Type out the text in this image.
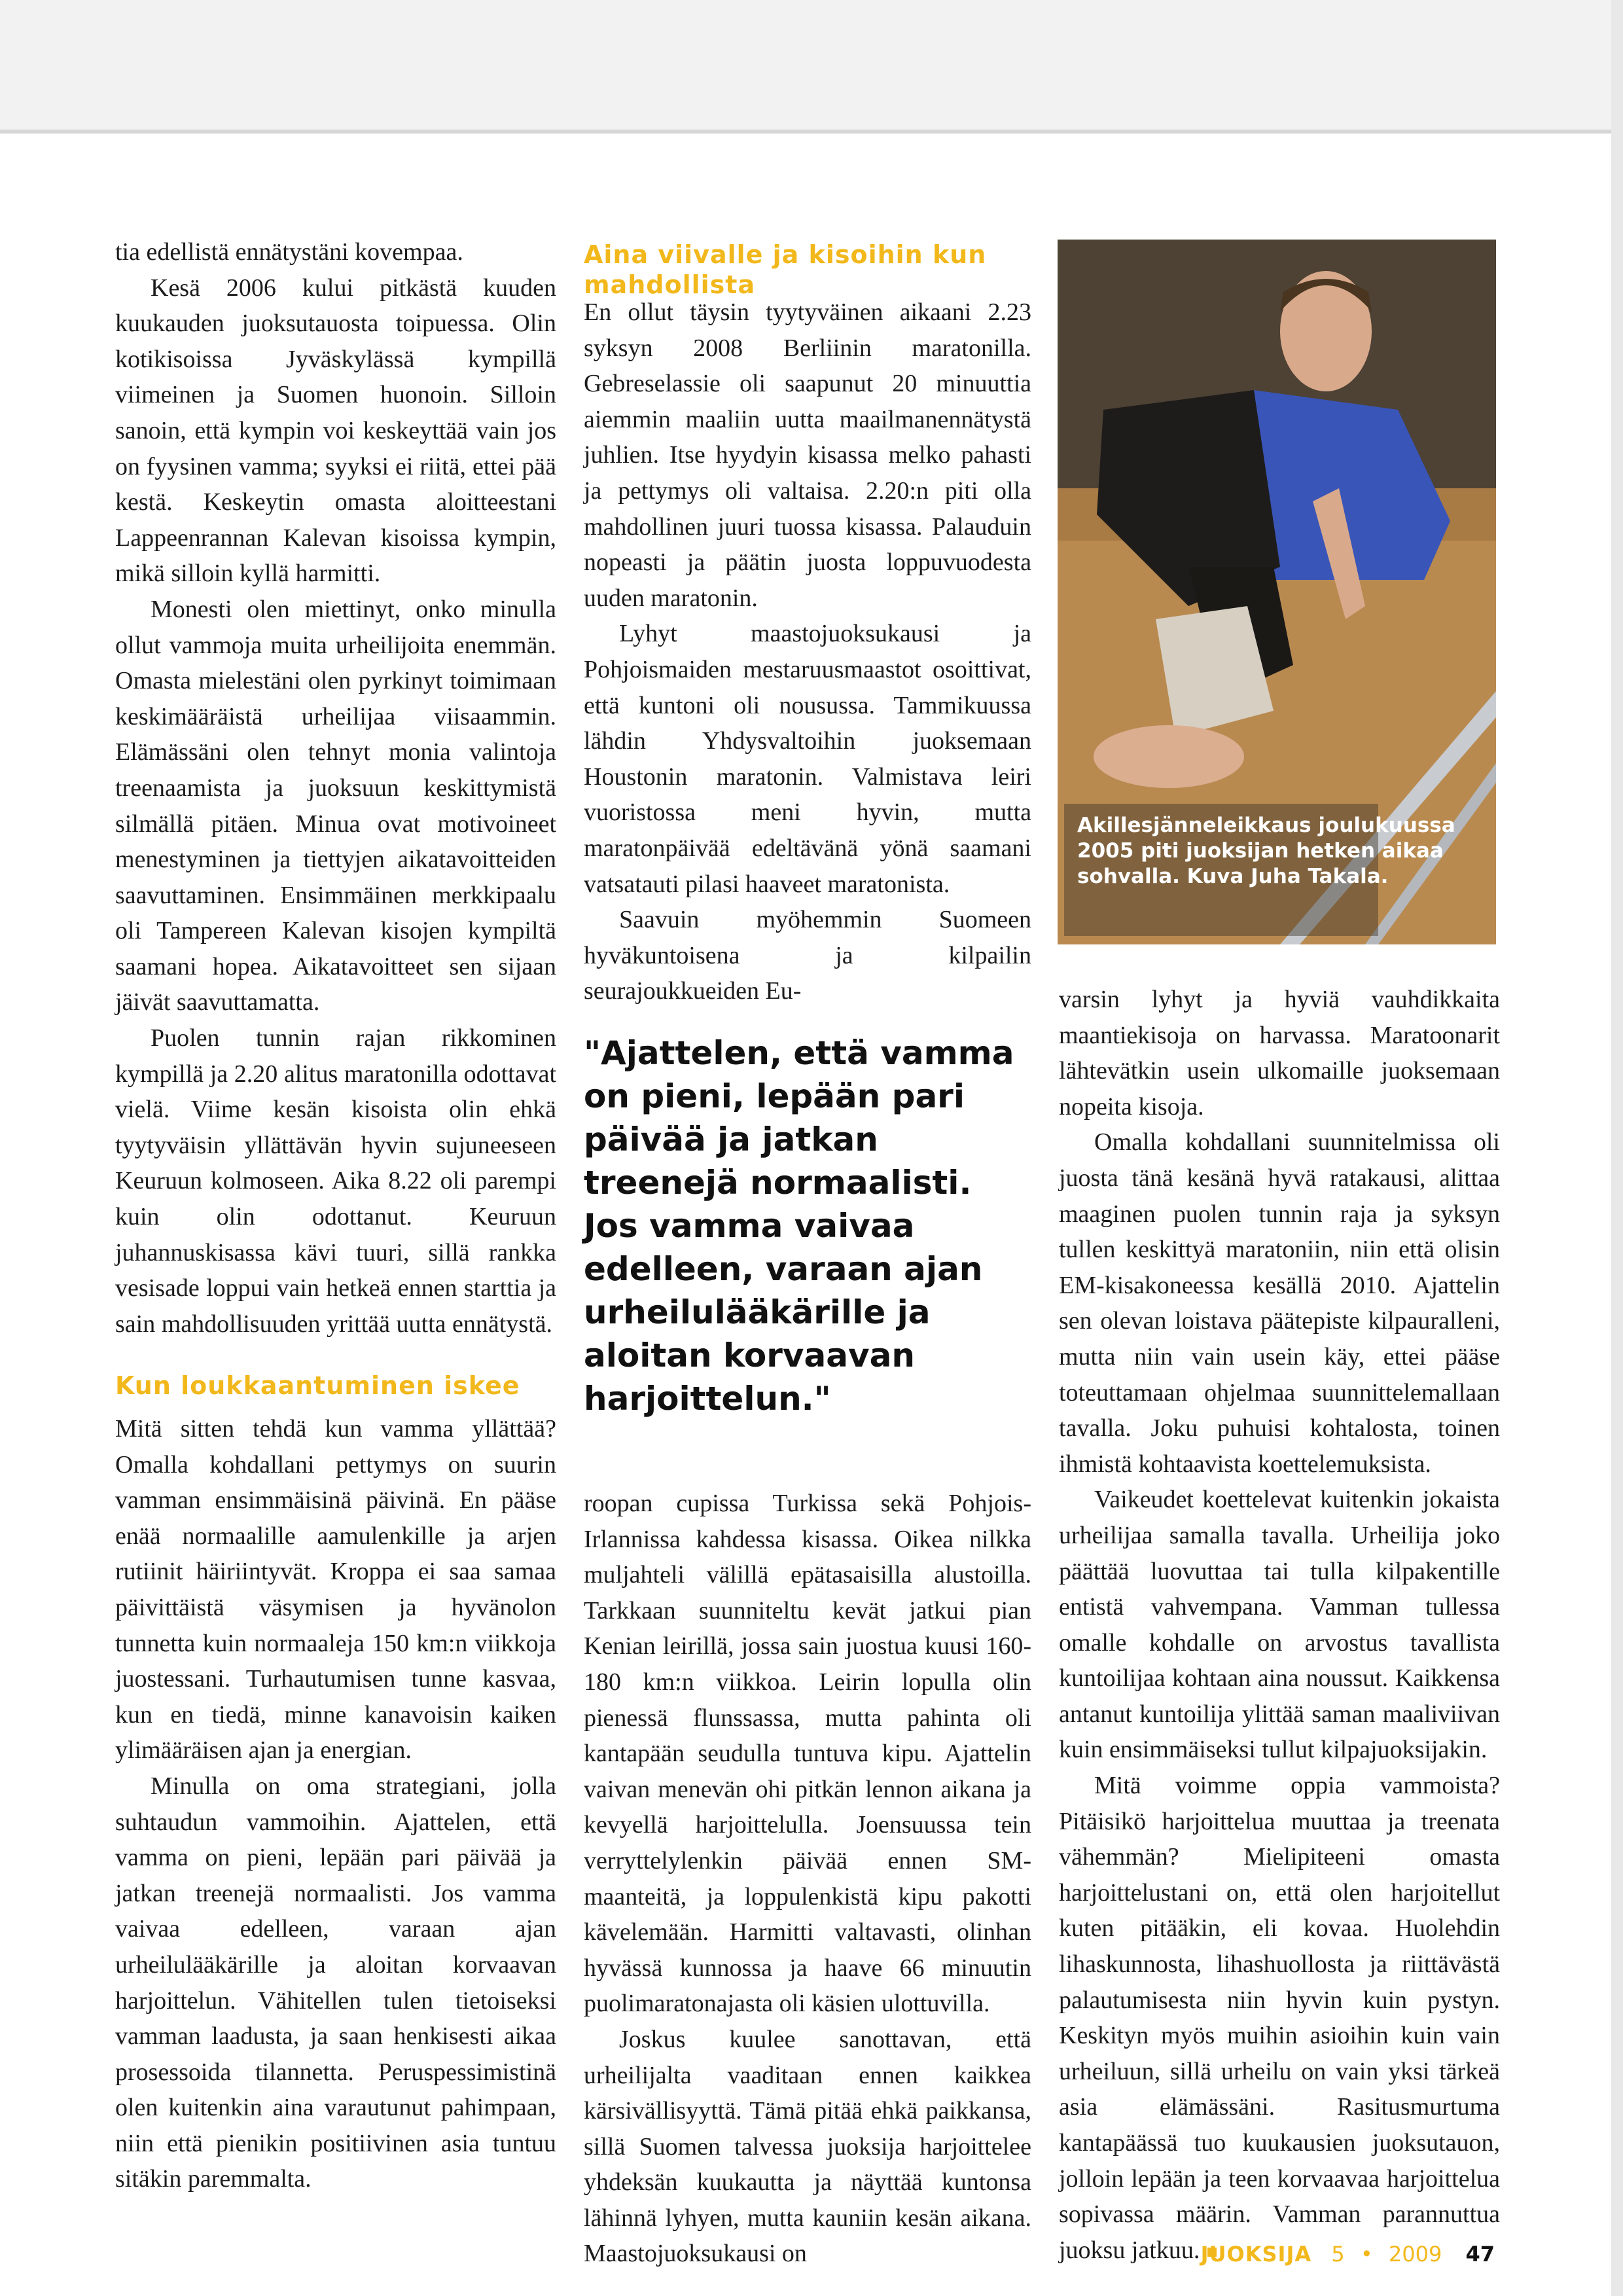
tia edellistä ennätystäni kovempaa.

Kesä 2006 kului pitkästä kuuden kuukauden juoksutauosta toipuessa. Olin kotikisoissa Jyväskylässä kympillä viimeinen ja Suomen huonoin. Silloin sanoin, että kympin voi keskeyttää vain jos on fyysinen vamma; syyksi ei riitä, ettei pää kestä. Keskeytin omasta aloitteestani Lappeenrannan Kalevan kisoissa kympin, mikä silloin kyllä harmitti.

Monesti olen miettinyt, onko minulla ollut vammoja muita urheilijoita enemmän. Omasta mielestäni olen pyrkinyt toimimaan keskimääräistä urheilijaa viisaammin. Elämässäni olen tehnyt monia valintoja treenaamista ja juoksuun keskittymistä silmällä pitäen. Minua ovat motivoineet menestyminen ja tiettyjen aikatavoitteiden saavuttaminen. Ensimmäinen merkkipaalu oli Tampereen Kalevan kisojen kympiltä saamani hopea. Aikatavoitteet sen sijaan jäivät saavuttamatta.

Puolen tunnin rajan rikkominen kympillä ja 2.20 alitus maratonilla odottavat vielä. Viime kesän kisoista olin ehkä tyytyväisin yllättävän hyvin sujuneeseen Keuruun kolmoseen. Aika 8.22 oli parempi kuin olin odottanut. Keuruun juhannuskisassa kävi tuuri, sillä rankka vesisade loppui vain hetkeä ennen starttia ja sain mahdollisuuden yrittää uutta ennätystä.

Kun loukkaantuminen iskee

Mitä sitten tehdä kun vamma yllättää? Omalla kohdallani pettymys on suurin vamman ensimmäisinä päivinä. En pääse enää normaalille aamulenkille ja arjen rutiinit häiriintyvät. Kroppa ei saa samaa päivittäistä väsymisen ja hyvänolon tunnetta kuin normaaleja 150 km:n viikkoja juostessani. Turhautumisen tunne kasvaa, kun en tiedä, minne kanavoisin kaiken ylimääräisen ajan ja energian.

Minulla on oma strategiani, jolla suhtaudun vammoihin. Ajattelen, että vamma on pieni, lepään pari päivää ja jatkan treenejä normaalisti. Jos vamma vaivaa edelleen, varaan ajan urheilulääkärille ja aloitan korvaavan harjoittelun. Vähitellen tulen tietoiseksi vamman laadusta, ja saan henkisesti aikaa prosessoida tilannetta. Peruspessimistinä olen kuitenkin aina varautunut pahimpaan, niin että pienikin positiivinen asia tuntuu sitäkin paremmalta.

Aina viivalle ja kisoihin kun mahdollista

En ollut täysin tyytyväinen aikaani 2.23 syksyn 2008 Berliinin maratonilla. Gebreselassie oli saapunut 20 minuuttia aiemmin maaliin uutta maailmanennätystä juhlien. Itse hyydyin kisassa melko pahasti ja pettymys oli valtaisa. 2.20:n piti olla mahdollinen juuri tuossa kisassa. Palauduin nopeasti ja päätin juosta loppuvuodesta uuden maratonin.

Lyhyt maastojuoksukausi ja Pohjoismaiden mestaruusmaastot osoittivat, että kuntoni oli nousussa. Tammikuussa lähdin Yhdysvaltoihin juoksemaan Houstonin maratonin. Valmistava leiri vuoristossa meni hyvin, mutta maratonpäivää edeltävänä yönä saamani vatsatauti pilasi haaveet maratonista.

Saavuin myöhemmin Suomeen hyväkuntoisena ja kilpailin seurajoukkueiden Eu-

"Ajattelen, että vamma on pieni, lepään pari päivää ja jatkan treenejä normaalisti. Jos vamma vaivaa edelleen, varaan ajan urheilulääkärille ja aloitan korvaavan harjoittelun."

roopan cupissa Turkissa sekä Pohjois-Irlannissa kahdessa kisassa. Oikea nilkka muljahteli välillä epätasaisilla alustoilla. Tarkkaan suunniteltu kevät jatkui pian Kenian leirillä, jossa sain juostua kuusi 160-180 km:n viikkoa. Leirin lopulla olin pienessä flunssassa, mutta pahinta oli kantapään seudulla tuntuva kipu. Ajattelin vaivan menevän ohi pitkän lennon aikana ja kevyellä harjoittelulla. Joensuussa tein verryttelylenkin päivää ennen SM-maanteitä, ja loppulenkistä kipu pakotti kävelemään. Harmitti valtavasti, olinhan hyvässä kunnossa ja haave 66 minuutin puolimaratonajasta oli käsien ulottuvilla.

Joskus kuulee sanottavan, että urheilijalta vaaditaan ennen kaikkea kärsivällisyyttä. Tämä pitää ehkä paikkansa, sillä Suomen talvessa juoksija harjoittelee yhdeksän kuukautta ja näyttää kuntonsa lähinnä lyhyen, mutta kauniin kesän aikana. Maastojuoksukausi on

Akillesjänneleikkaus joulukuussa 2005 piti juoksijan hetken aikaa sohvalla. Kuva Juha Takala.

varsin lyhyt ja hyviä vauhdikkaita maantiekisoja on harvassa. Maratoonarit lähtevätkin usein ulkomaille juoksemaan nopeita kisoja.

Omalla kohdallani suunnitelmissa oli juosta tänä kesänä hyvä ratakausi, alittaa maaginen puolen tunnin raja ja syksyn tullen keskittyä maratoniin, niin että olisin EM-kisakoneessa kesällä 2010. Ajattelin sen olevan loistava päätepiste kilpauralleni, mutta niin vain usein käy, ettei pääse toteuttamaan ohjelmaa suunnittelemallaan tavalla. Joku puhuisi kohtalosta, toinen ihmistä kohtaavista koettelemuksista.

Vaikeudet koettelevat kuitenkin jokaista urheilijaa samalla tavalla. Urheilija joko päättää luovuttaa tai tulla kilpakentille entistä vahvempana. Vamman tullessa omalle kohdalle on arvostus tavallista kuntoilijaa kohtaan aina noussut. Kaikkensa antanut kuntoilija ylittää saman maaliviivan kuin ensimmäiseksi tullut kilpajuoksijakin.

Mitä voimme oppia vammoista? Pitäisikö harjoittelua muuttaa ja treenata vähemmän? Mielipiteeni omasta harjoittelustani on, että olen harjoitellut kuten pitääkin, eli kovaa. Huolehdin lihaskunnosta, lihashuollosta ja riittävästä palautumisesta niin hyvin kuin pystyn. Keskityn myös muihin asioihin kuin vain urheiluun, sillä urheilu on vain yksi tärkeä asia elämässäni. Rasitusmurtuma kantapäässä tuo kuukausien juoksutauon, jolloin lepään ja teen korvaavaa harjoittelua sopivassa määrin. Vamman parannuttua juoksu jatkuu. JUOKSIJA 5 • 2009 47
